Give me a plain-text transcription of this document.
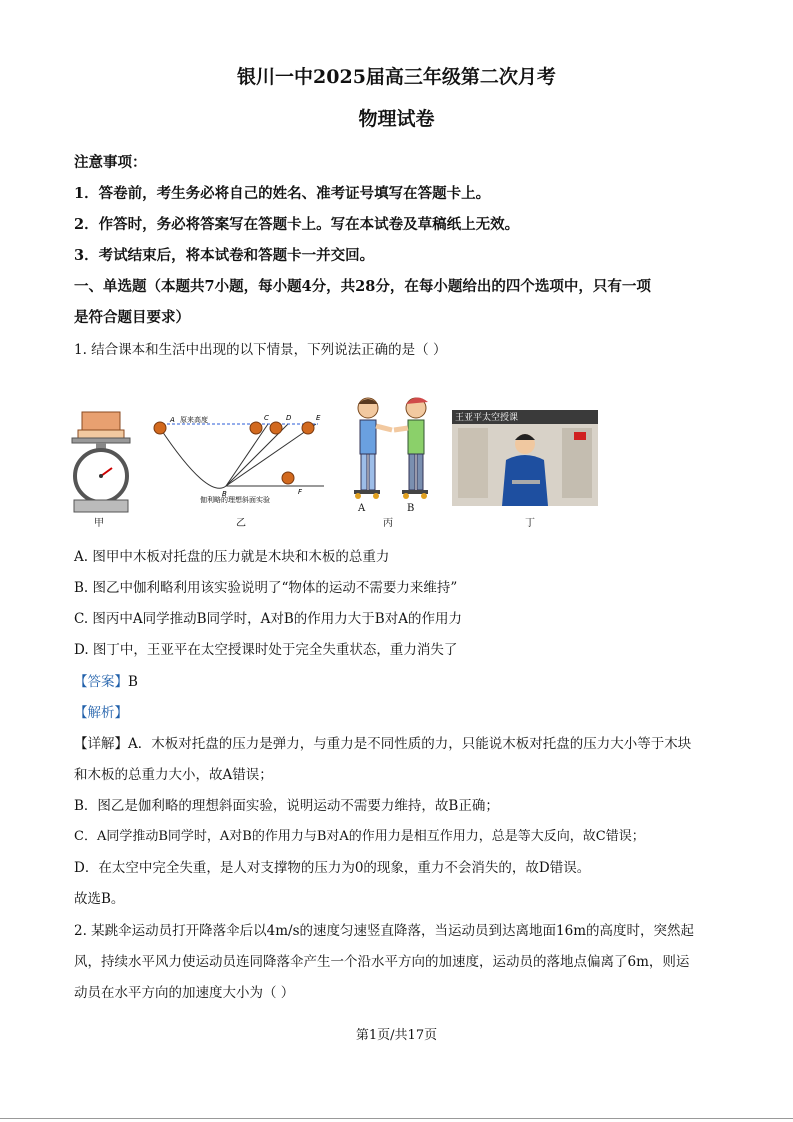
银川一中2025届高三年级第二次月考
物理试卷
注意事项：
1．答卷前，考生务必将自己的姓名、准考证号填写在答题卡上。
2．作答时，务必将答案写在答题卡上。写在本试卷及草稿纸上无效。
3．考试结束后，将本试卷和答题卡一并交回。
一、单选题（本题共7小题，每小题4分，共28分，在每小题给出的四个选项中，只有一项
是符合题目要求）
1. 结合课本和生活中出现的以下情景，下列说法正确的是（ ）
A 原来高度	C D	E
B	F
伽利略的理想斜面实验
A	B
王亚平太空授课
甲	乙	丙	丁
A. 图甲中木板对托盘的压力就是木块和木板的总重力
B. 图乙中伽利略利用该实验说明了“物体的运动不需要力来维持”
C. 图丙中A同学推动B同学时，A对B的作用力大于B对A的作用力
D. 图丁中，王亚平在太空授课时处于完全失重状态，重力消失了
【答案】B
【解析】
【详解】A．木板对托盘的压力是弹力，与重力是不同性质的力，只能说木板对托盘的压力大小等于木块
和木板的总重力大小，故A错误；
B．图乙是伽利略的理想斜面实验，说明运动不需要力维持，故B正确；
C．A同学推动B同学时，A对B的作用力与B对A的作用力是相互作用力，总是等大反向，故C错误；
D．在太空中完全失重，是人对支撑物的压力为0的现象，重力不会消失的，故D错误。
故选B。
2. 某跳伞运动员打开降落伞后以4m/s的速度匀速竖直降落，当运动员到达离地面16m的高度时，突然起
风，持续水平风力使运动员连同降落伞产生一个沿水平方向的加速度，运动员的落地点偏离了6m，则运
动员在水平方向的加速度大小为（ ）
第1页/共17页
